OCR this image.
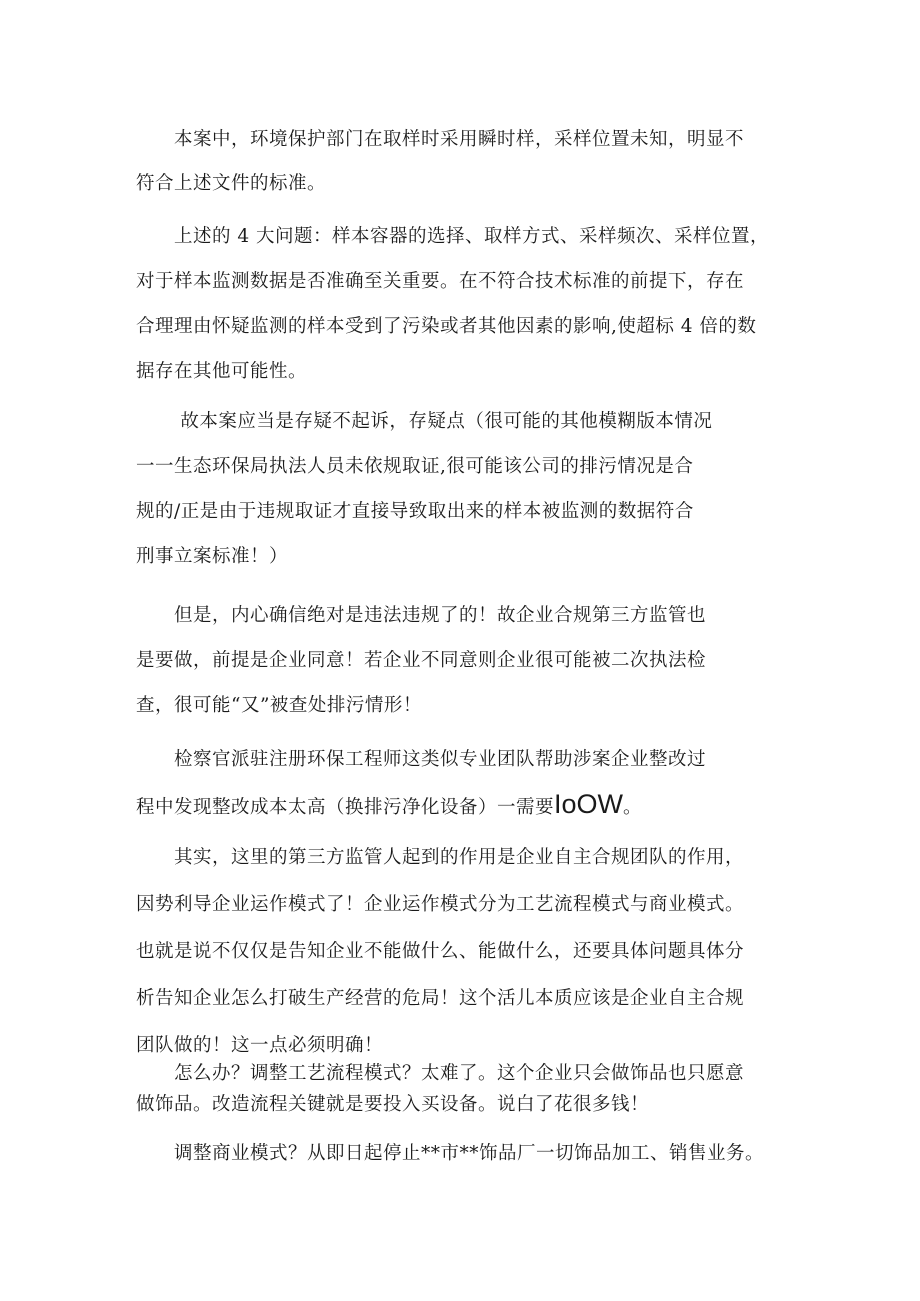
　　本案中，环境保护部门在取样时采用瞬时样，采样位置未知，明显不
符合上述文件的标准。

　　上述的 4 大问题：样本容器的选择、取样方式、采样频次、采样位置，
对于样本监测数据是否准确至关重要。在不符合技术标准的前提下，存在
合理理由怀疑监测的样本受到了污染或者其他因素的影响,使超标 4 倍的数
据存在其他可能性。

　　 故本案应当是存疑不起诉，存疑点（很可能的其他模糊版本情况
一一生态环保局执法人员未依规取证,很可能该公司的排污情况是合
规的/正是由于违规取证才直接导致取出来的样本被监测的数据符合
刑事立案标准！）

　　但是，内心确信绝对是违法违规了的！故企业合规第三方监管也
是要做，前提是企业同意！若企业不同意则企业很可能被二次执法检
查，很可能“又”被查处排污情形！

　　检察官派驻注册环保工程师这类似专业团队帮助涉案企业整改过
程中发现整改成本太高（换排污净化设备）一需要IoOW。

　　其实，这里的第三方监管人起到的作用是企业自主合规团队的作用，
因势利导企业运作模式了！企业运作模式分为工艺流程模式与商业模式。
也就是说不仅仅是告知企业不能做什么、能做什么，还要具体问题具体分
析告知企业怎么打破生产经营的危局！这个活儿本质应该是企业自主合规
团队做的！这一点必须明确！

　　怎么办？调整工艺流程模式？太难了。这个企业只会做饰品也只愿意
做饰品。改造流程关键就是要投入买设备。说白了花很多钱！

　　调整商业模式？从即日起停止**市**饰品厂一切饰品加工、销售业务。
